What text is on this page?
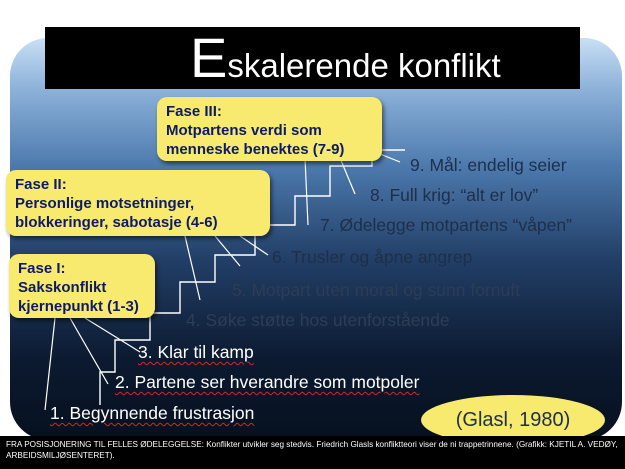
Eskalerende konflikt
Fase III:
Motpartens verdi som
menneske benektes (7-9)
Fase II:
Personlige motsetninger,
blokkeringer, sabotasje (4-6)
Fase I:
Sakskonflikt
kjernepunkt (1-3)
9. Mål: endelig seier
8. Full krig: “alt er lov”
7. Ødelegge motpartens “våpen”
6. Trusler og åpne angrep
5. Motpart uten moral og sunn fornuft
4. Søke støtte hos utenforstående
3. Klar til kamp
2. Partene ser hverandre som motpoler
1. Begynnende frustrasjon	(Glasl, 1980)
FRA POSISJONERING TIL FELLES ØDELEGGELSE: Konflikter utvikler seg stedvis. Friedrich Glasls konfliktteori viser de ni trappetrinnene. (Grafikk: KJETIL A. VEDØY, ARBEIDSMILJØSENTERET).
